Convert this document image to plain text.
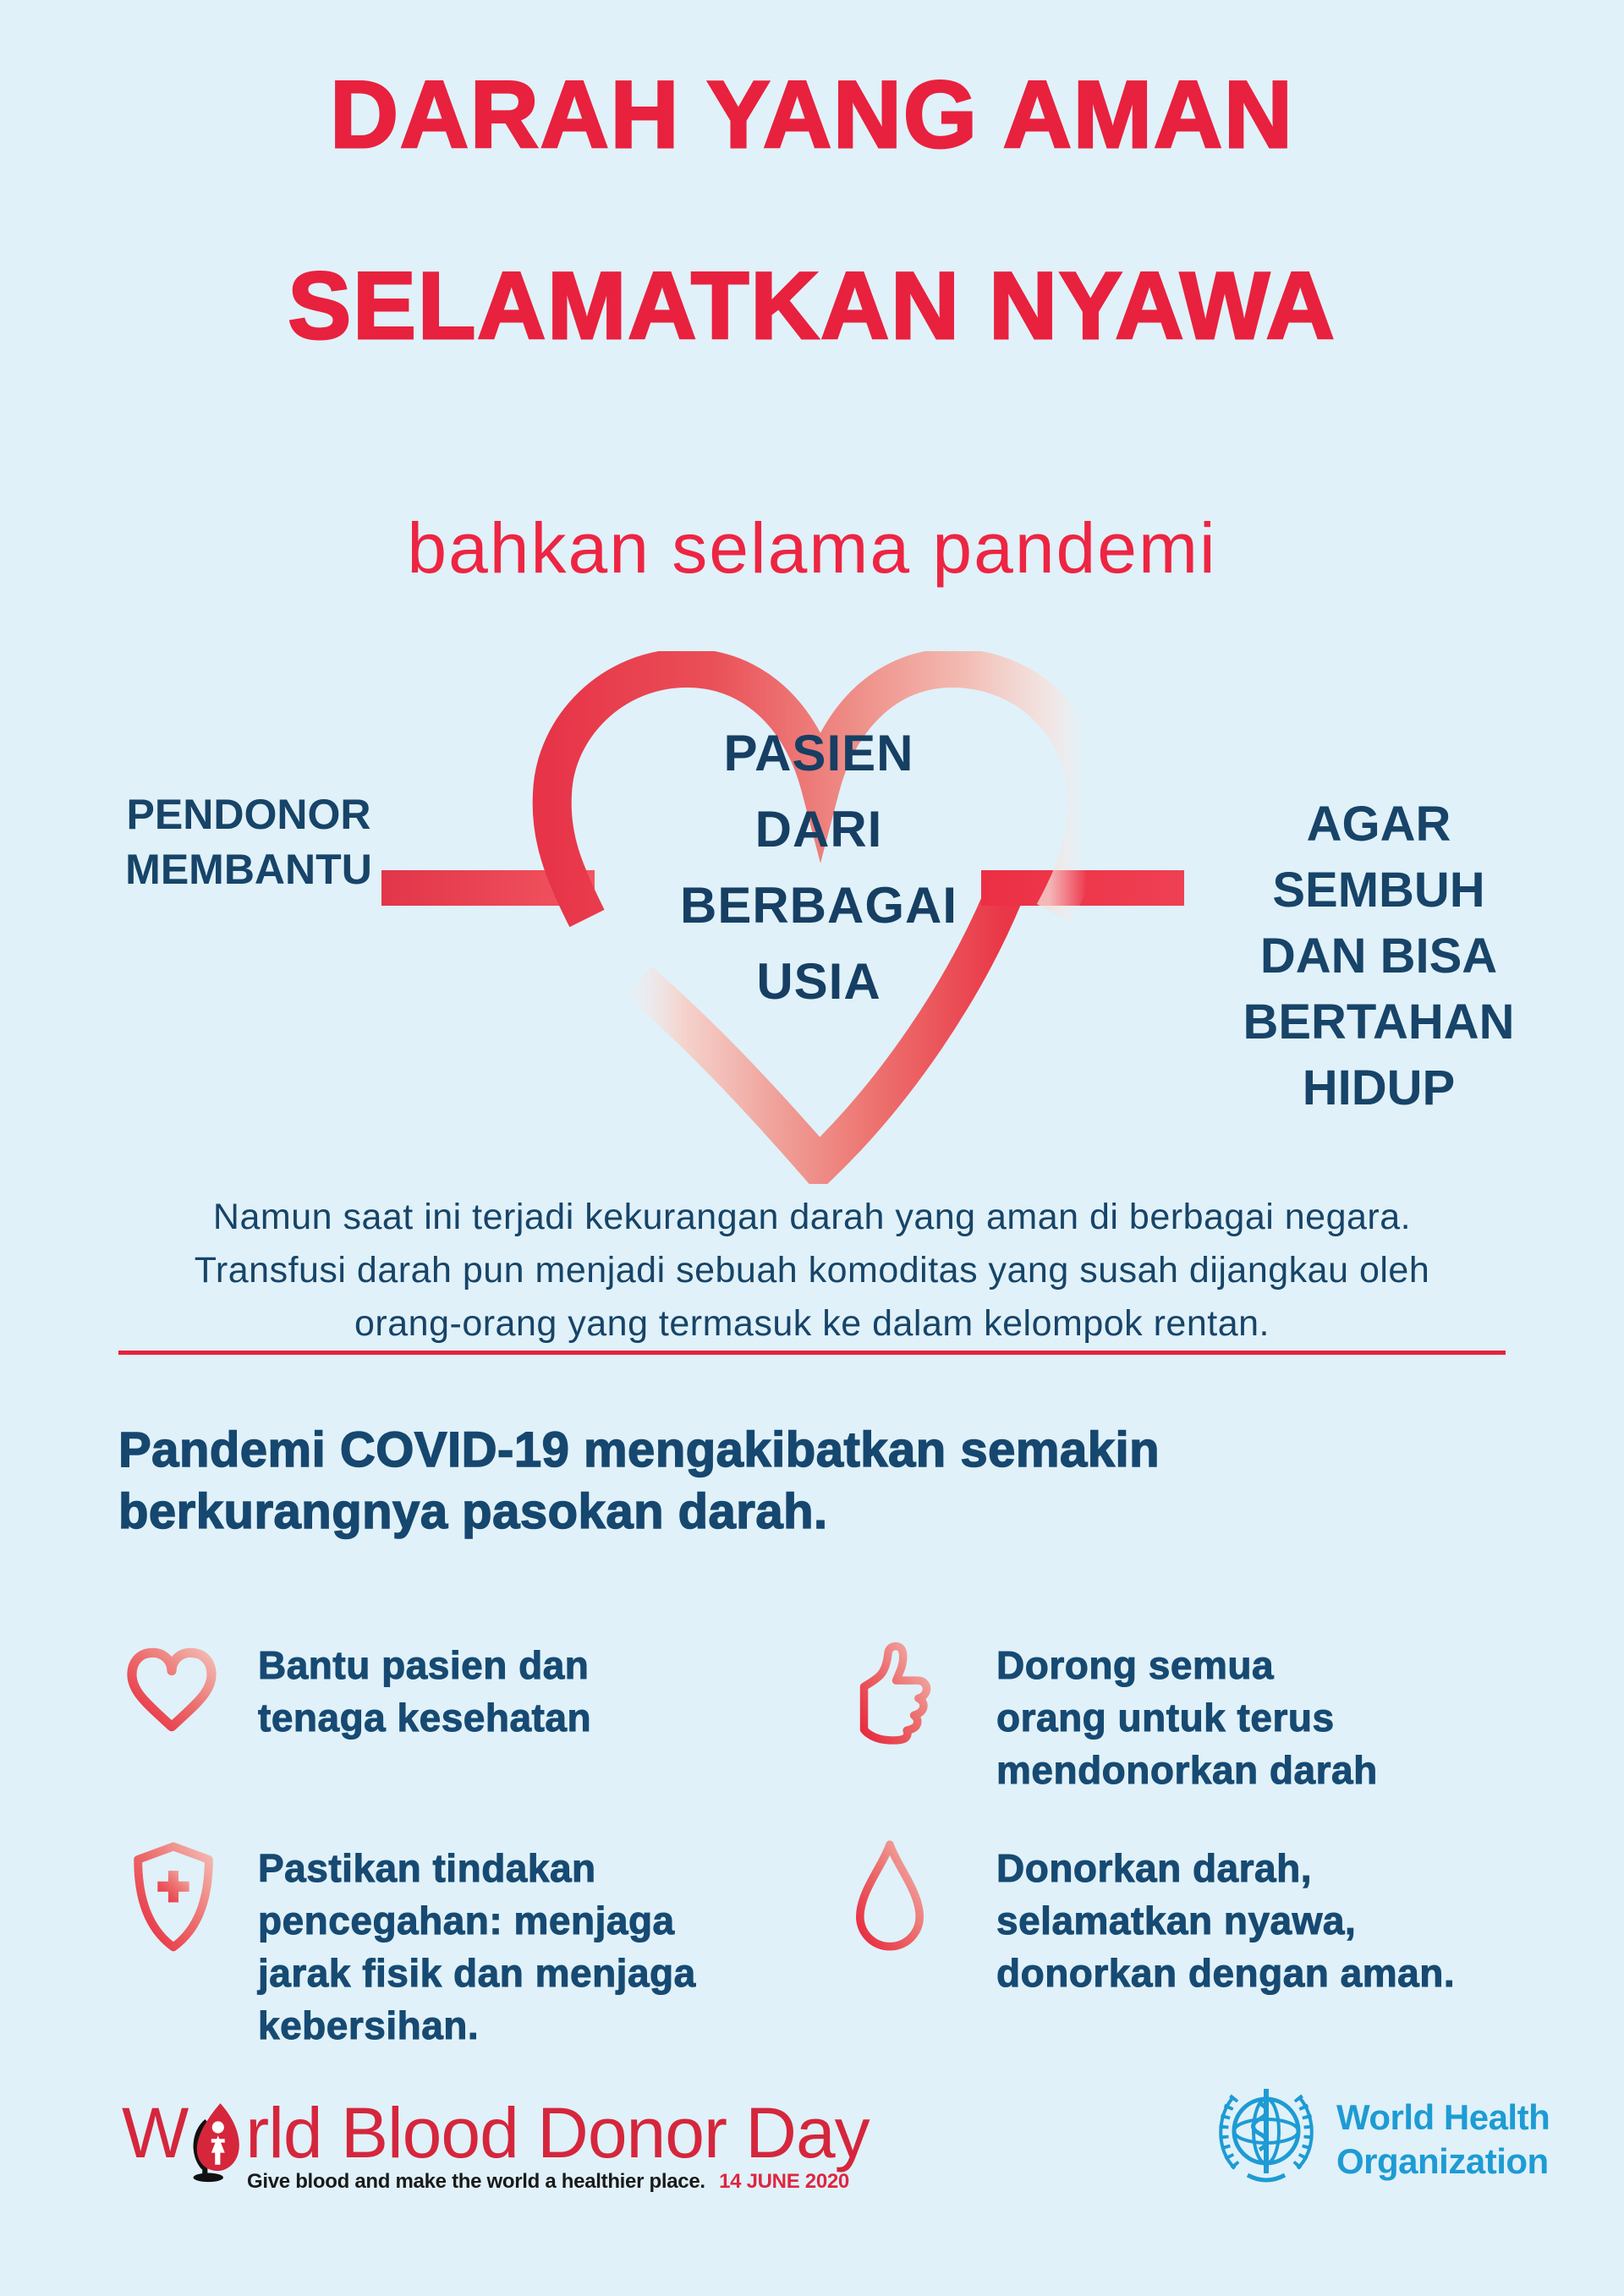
DARAH YANG AMAN
SELAMATKAN NYAWA
bahkan selama pandemi
PENDONOR
MEMBANTU
PASIEN
DARI
BERBAGAI
USIA
AGAR
SEMBUH
DAN BISA
BERTAHAN
HIDUP
Namun saat ini terjadi kekurangan darah yang aman di berbagai negara.
Transfusi darah pun menjadi sebuah komoditas yang susah dijangkau oleh
orang-orang yang termasuk ke dalam kelompok rentan.
Pandemi COVID-19 mengakibatkan semakin
berkurangnya pasokan darah.
Bantu pasien dan
tenaga kesehatan
Dorong semua
orang untuk terus
mendonorkan darah
Pastikan tindakan
pencegahan: menjaga
jarak fisik dan menjaga
kebersihan.
Donorkan darah,
selamatkan nyawa,
donorkan dengan aman.
W rld Blood Donor Day
Give blood and make the world a healthier place. 14 JUNE 2020
World Health
Organization
